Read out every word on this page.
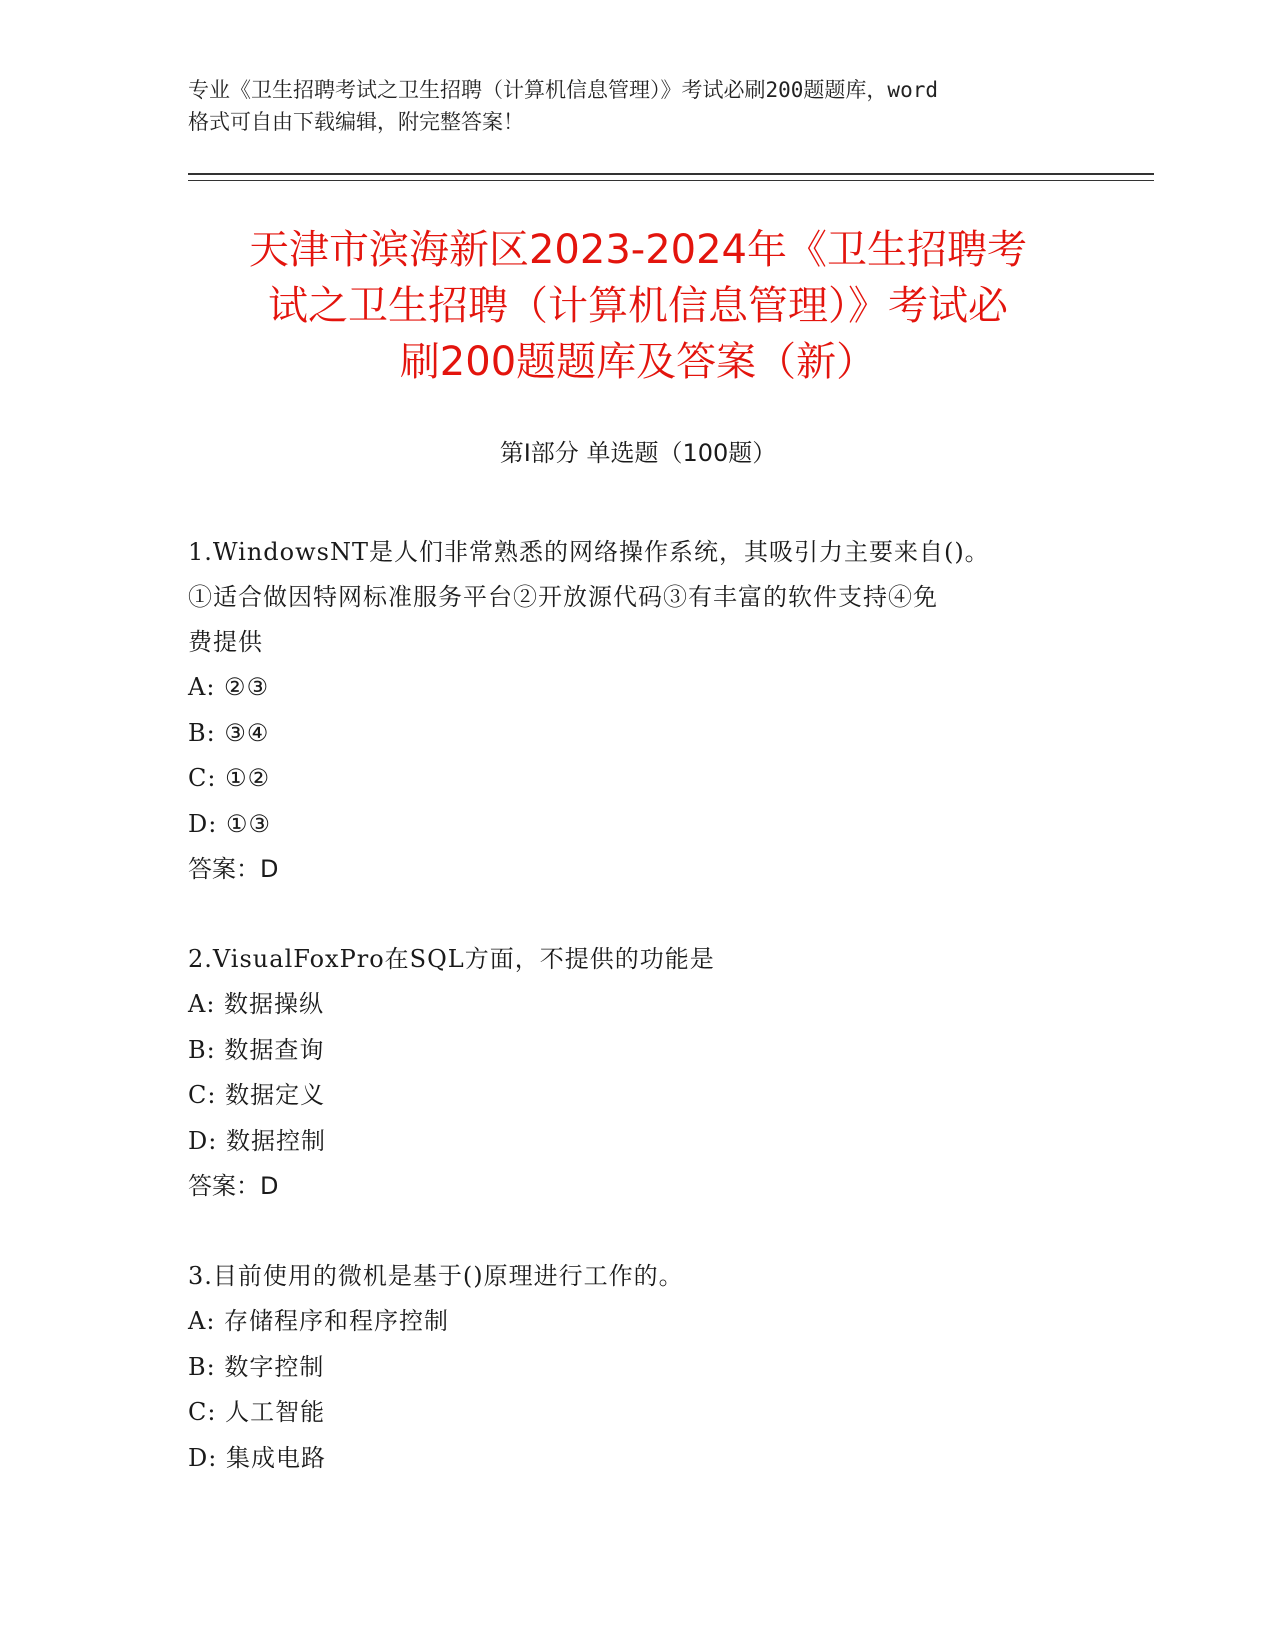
专业《卫生招聘考试之卫生招聘（计算机信息管理）》考试必刷200题题库，word
格式可自由下载编辑，附完整答案！
天津市滨海新区2023-2024年《卫生招聘考
试之卫生招聘（计算机信息管理）》考试必
刷200题题库及答案（新）
第Ⅰ部分 单选题（100题）
1.WindowsNT是人们非常熟悉的网络操作系统，其吸引力主要来自()。
①适合做因特网标准服务平台②开放源代码③有丰富的软件支持④免
费提供
A: ②③
B: ③④
C: ①②
D: ①③
答案：D
2.VisualFoxPro在SQL方面，不提供的功能是
A: 数据操纵
B: 数据查询
C: 数据定义
D: 数据控制
答案：D
3.目前使用的微机是基于()原理进行工作的。
A: 存储程序和程序控制
B: 数字控制
C: 人工智能
D: 集成电路
